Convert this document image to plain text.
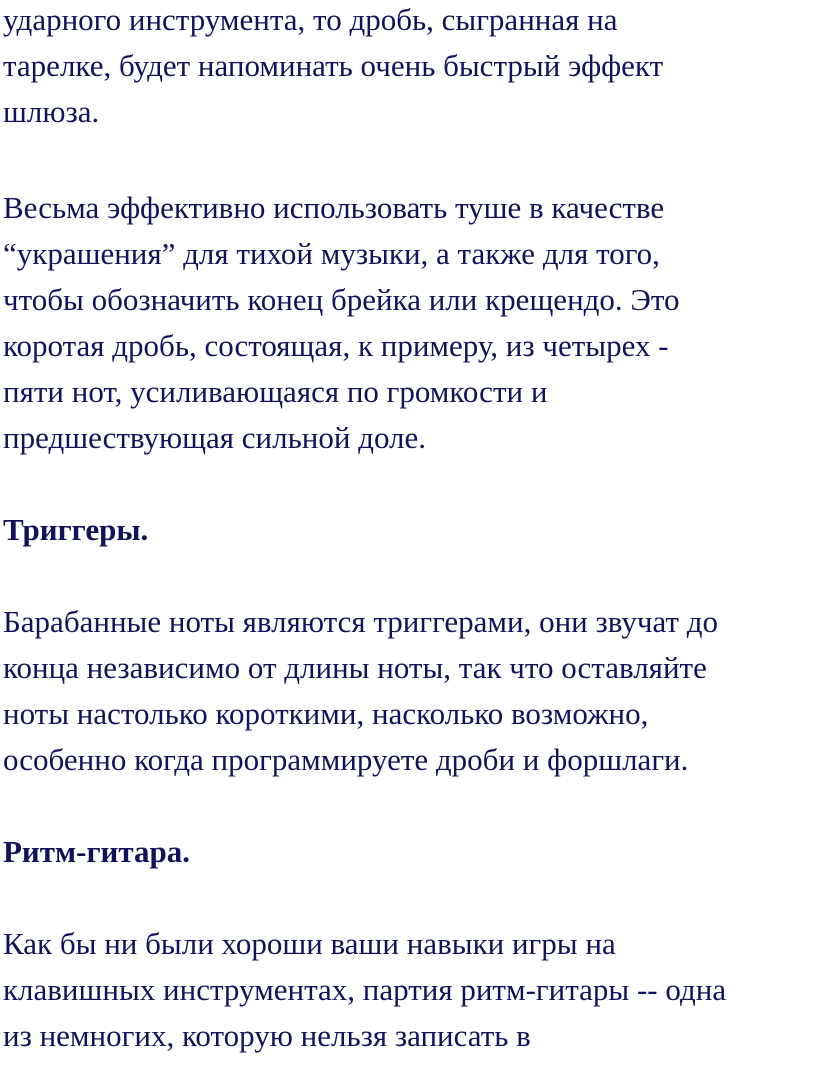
ударного инструмента, то дробь, сыгранная на
тарелке, будет напоминать очень быстрый эффект
шлюза.

Весьма эффективно использовать туше в качестве
“украшения” для тихой музыки, а также для того,
чтобы обозначить конец брейка или крещендо. Это
коротая дробь, состоящая, к примеру, из четырех -
пяти нот, усиливающаяся по громкости и
предшествующая сильной доле.

Триггеры.

Барабанные ноты являются триггерами, они звучат до
конца независимо от длины ноты, так что оставляйте
ноты настолько короткими, насколько возможно,
особенно когда программируете дроби и форшлаги.

Ритм-гитара.

Как бы ни были хороши ваши навыки игры на
клавишных инструментах, партия ритм-гитары -- одна
из немногих, которую нельзя записать в
